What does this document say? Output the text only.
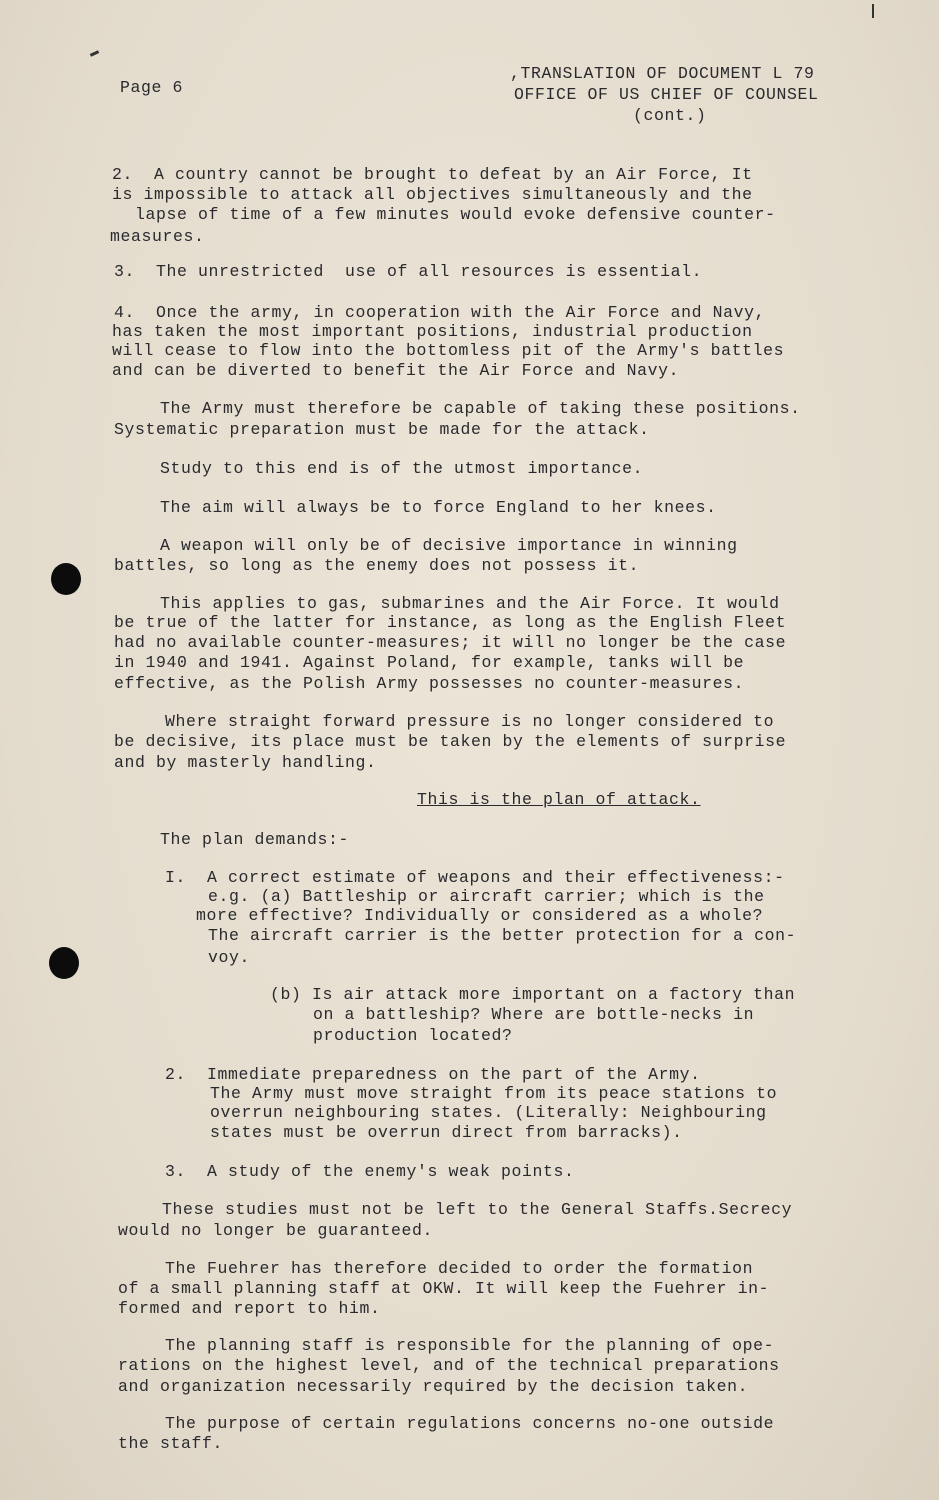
Page 6
,TRANSLATION OF DOCUMENT L 79
OFFICE OF US CHIEF OF COUNSEL
(cont.)
2.  A country cannot be brought to defeat by an Air Force, It
is impossible to attack all objectives simultaneously and the
lapse of time of a few minutes would evoke defensive counter-
measures.
3.  The unrestricted  use of all resources is essential.
4.  Once the army, in cooperation with the Air Force and Navy,
has taken the most important positions, industrial production
will cease to flow into the bottomless pit of the Army's battles
and can be diverted to benefit the Air Force and Navy.
The Army must therefore be capable of taking these positions.
Systematic preparation must be made for the attack.
Study to this end is of the utmost importance.
The aim will always be to force England to her knees.
A weapon will only be of decisive importance in winning
battles, so long as the enemy does not possess it.
This applies to gas, submarines and the Air Force. It would
be true of the latter for instance, as long as the English Fleet
had no available counter-measures; it will no longer be the case
in 1940 and 1941. Against Poland, for example, tanks will be
effective, as the Polish Army possesses no counter-measures.
Where straight forward pressure is no longer considered to
be decisive, its place must be taken by the elements of surprise
and by masterly handling.
This is the plan of attack.
The plan demands:-
I.  A correct estimate of weapons and their effectiveness:-
e.g. (a) Battleship or aircraft carrier; which is the
more effective? Individually or considered as a whole?
The aircraft carrier is the better protection for a con-
voy.
(b) Is air attack more important on a factory than
on a battleship? Where are bottle-necks in
production located?
2.  Immediate preparedness on the part of the Army.
The Army must move straight from its peace stations to
overrun neighbouring states. (Literally: Neighbouring
states must be overrun direct from barracks).
3.  A study of the enemy's weak points.
These studies must not be left to the General Staffs.Secrecy
would no longer be guaranteed.
The Fuehrer has therefore decided to order the formation
of a small planning staff at OKW. It will keep the Fuehrer in-
formed and report to him.
The planning staff is responsible for the planning of ope-
rations on the highest level, and of the technical preparations
and organization necessarily required by the decision taken.
The purpose of certain regulations concerns no-one outside
the staff.
